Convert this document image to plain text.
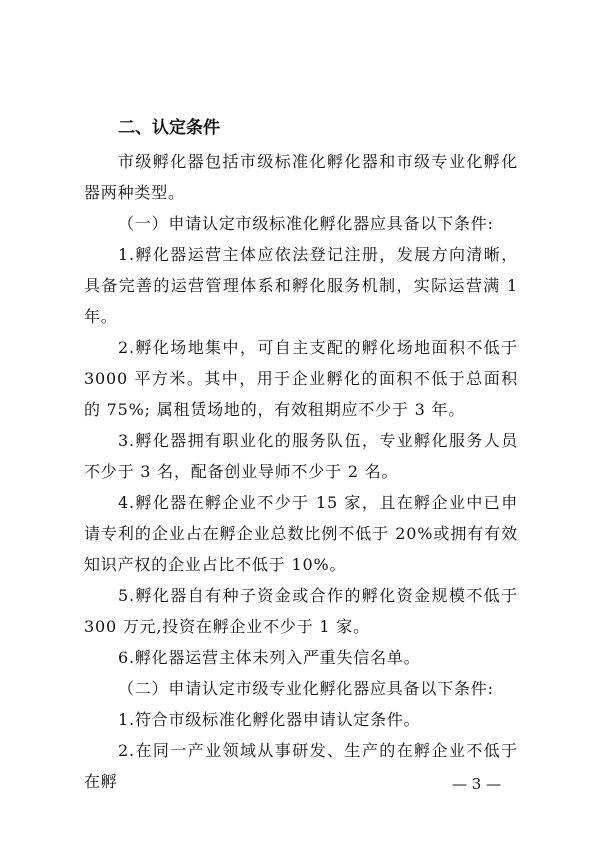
二、认定条件

市级孵化器包括市级标准化孵化器和市级专业化孵化器两种类型。

（一）申请认定市级标准化孵化器应具备以下条件:

1.孵化器运营主体应依法登记注册，发展方向清晰，具备完善的运营管理体系和孵化服务机制，实际运营满 1 年。

2.孵化场地集中，可自主支配的孵化场地面积不低于 3000 平方米。其中，用于企业孵化的面积不低于总面积的 75%; 属租赁场地的，有效租期应不少于 3 年。

3.孵化器拥有职业化的服务队伍，专业孵化服务人员不少于 3 名，配备创业导师不少于 2 名。

4.孵化器在孵企业不少于 15 家，且在孵企业中已申请专利的企业占在孵企业总数比例不低于 20%或拥有有效知识产权的企业占比不低于 10%。

5.孵化器自有种子资金或合作的孵化资金规模不低于 300 万元,投资在孵企业不少于 1 家。

6.孵化器运营主体未列入严重失信名单。

（二）申请认定市级专业化孵化器应具备以下条件:

1.符合市级标准化孵化器申请认定条件。

2.在同一产业领域从事研发、生产的在孵企业不低于在孵	— 3 —
